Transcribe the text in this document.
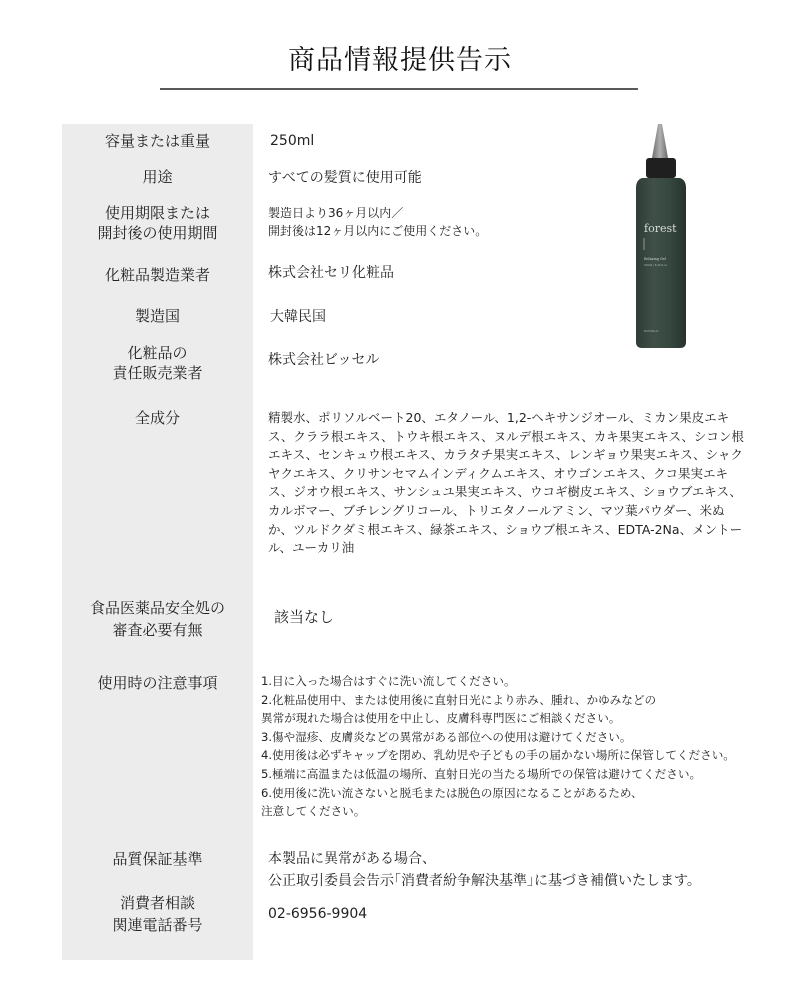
商品情報提供告示
容量または重量
用途
使用期限または
開封後の使用期間
化粧品製造業者
製造国
化粧品の
責任販売業者
全成分
食品医薬品安全処の
審査必要有無
使用時の注意事項
品質保証基準
消費者相談
関連電話番号
250ml
すべての髪質に使用可能
製造日より36ヶ月以内／
開封後は12ヶ月以内にご使用ください。
株式会社セリ化粧品
大韓民国
株式会社ビッセル
精製水、ポリソルベート20、エタノール、1,2-ヘキサンジオール、ミカン果皮エキ
ス、クララ根エキス、トウキ根エキス、ヌルデ根エキス、カキ果実エキス、シコン根
エキス、センキュウ根エキス、カラタチ果実エキス、レンギョウ果実エキス、シャク
ヤクエキス、クリサンセマムインディクムエキス、オウゴンエキス、クコ果実エキ
ス、ジオウ根エキス、サンシュユ果実エキス、ウコギ樹皮エキス、ショウブエキス、
カルボマー、ブチレングリコール、トリエタノールアミン、マツ葉パウダー、米ぬ
か、ツルドクダミ根エキス、緑茶エキス、ショウブ根エキス、EDTA-2Na、メントー
ル、ユーカリ油
該当なし
1.目に入った場合はすぐに洗い流してください。
2.化粧品使用中、または使用後に直射日光により赤み、腫れ、かゆみなどの
異常が現れた場合は使用を中止し、皮膚科専門医にご相談ください。
3.傷や湿疹、皮膚炎などの異常がある部位への使用は避けてください。
4.使用後は必ずキャップを閉め、乳幼児や子どもの手の届かない場所に保管してください。
5.極端に高温または低温の場所、直射日光の当たる場所での保管は避けてください。
6.使用後に洗い流さないと脱毛または脱色の原因になることがあるため、
注意してください。
本製品に異常がある場合、
公正取引委員会告示｢消費者紛争解決基準｣に基づき補償いたします。
02-6956-9904
forest
Relaxing Gel
250ml / 8.45 fl.oz
NATURALIA
